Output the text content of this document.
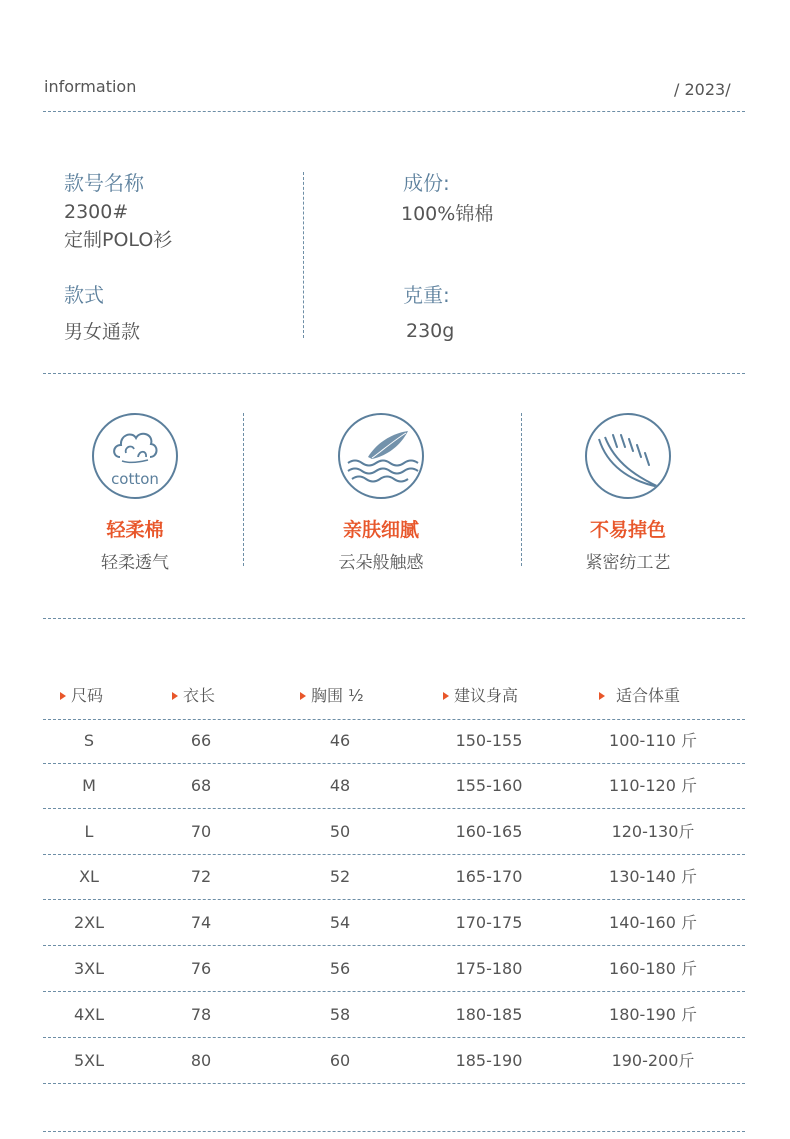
information	/ 2023/
款号名称
2300#
定制POLO衫
款式
男女通款
成份:
100%锦棉
克重:
230g
cotton
轻柔棉
轻柔透气
亲肤细腻
云朵般触感
不易掉色
紧密纺工艺
尺码	衣长	胸围 ½	建议身高	适合体重
S	66	46	150-155	100-110 斤
M	68	48	155-160	110-120 斤
L	70	50	160-165	120-130斤
XL	72	52	165-170	130-140 斤
2XL	74	54	170-175	140-160 斤
3XL	76	56	175-180	160-180 斤
4XL	78	58	180-185	180-190 斤
5XL	80	60	185-190	190-200斤
